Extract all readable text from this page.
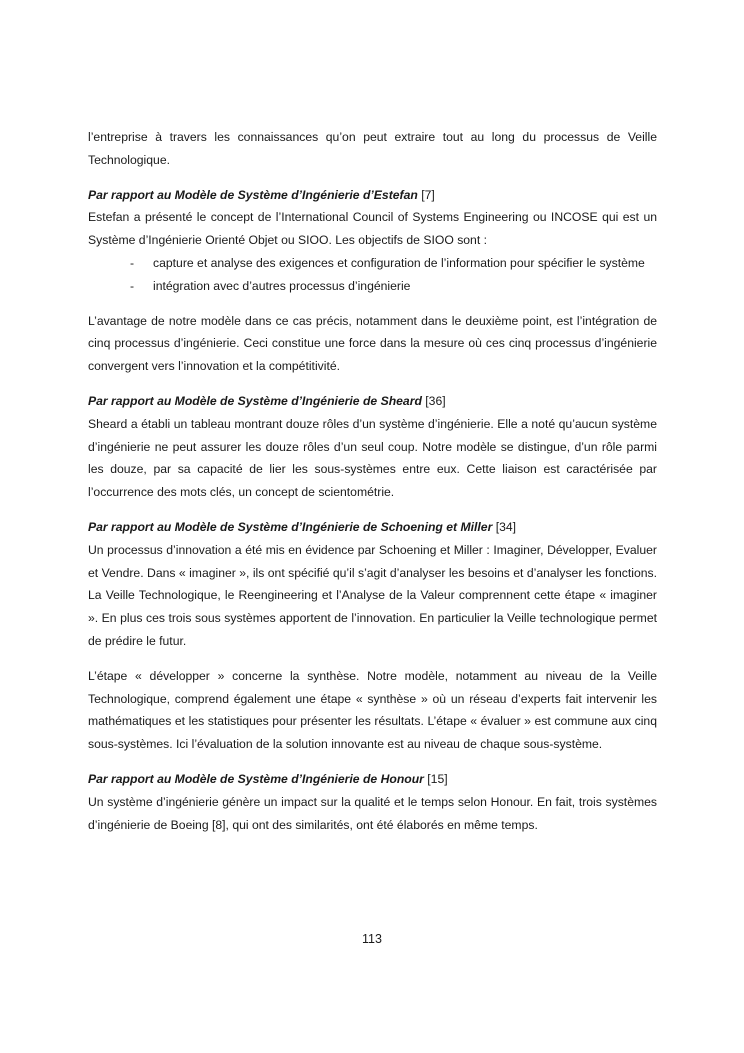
l’entreprise à travers les connaissances qu’on peut extraire tout au long du processus de Veille Technologique.

Par rapport au Modèle de Système d’Ingénierie d’Estefan [7]

Estefan a présenté le concept de l’International Council of Systems Engineering ou INCOSE qui est un Système d’Ingénierie Orienté Objet ou SIOO. Les objectifs de SIOO sont :

- capture et analyse des exigences et configuration de l’information pour spécifier le système
- intégration avec d’autres processus d’ingénierie

L’avantage de notre modèle dans ce cas précis, notamment dans le deuxième point, est l’intégration de cinq processus d’ingénierie. Ceci constitue une force dans la mesure où ces cinq processus d’ingénierie convergent vers l’innovation et la compétitivité.

Par rapport au Modèle de Système d’Ingénierie de Sheard [36]

Sheard a établi un tableau montrant douze rôles d’un système d’ingénierie. Elle a noté qu’aucun système d’ingénierie ne peut assurer les douze rôles d’un seul coup. Notre modèle se distingue, d’un rôle parmi les douze, par sa capacité de lier les sous-systèmes entre eux. Cette liaison est caractérisée par l’occurrence des mots clés, un concept de scientométrie.

Par rapport au Modèle de Système d’Ingénierie de Schoening et Miller [34]

Un processus d’innovation a été mis en évidence par Schoening et Miller : Imaginer, Développer, Evaluer et Vendre. Dans « imaginer », ils ont spécifié qu’il s’agit d’analyser les besoins et d’analyser les fonctions. La Veille Technologique, le Reengineering et l’Analyse de la Valeur comprennent cette étape « imaginer ». En plus ces trois sous systèmes apportent de l’innovation. En particulier la Veille technologique permet de prédire le futur.

L’étape « développer » concerne la synthèse. Notre modèle, notamment au niveau de la Veille Technologique, comprend également une étape « synthèse » où un réseau d’experts fait intervenir les mathématiques et les statistiques pour présenter les résultats. L’étape « évaluer » est commune aux cinq sous-systèmes. Ici l’évaluation de la solution innovante est au niveau de chaque sous-système.

Par rapport au Modèle de Système d’Ingénierie de Honour [15]

Un système d’ingénierie génère un impact sur la qualité et le temps selon Honour. En fait, trois systèmes d’ingénierie de Boeing [8], qui ont des similarités, ont été élaborés en même temps.

113
